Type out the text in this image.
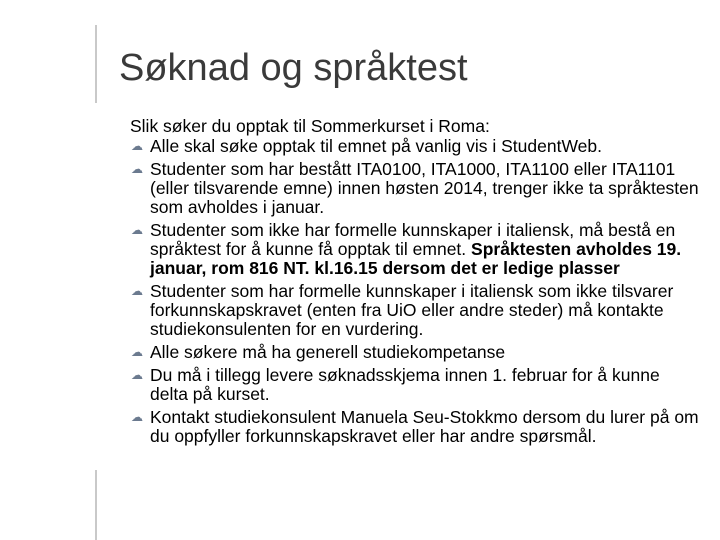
Søknad og språktest
Slik søker du opptak til Sommerkurset i Roma:
☁ Alle skal søke opptak til emnet på vanlig vis i StudentWeb.
☁ Studenter som har bestått ITA0100, ITA1000, ITA1100 eller ITA1101 (eller tilsvarende emne) innen høsten 2014, trenger ikke ta språktesten som avholdes i januar.
☁ Studenter som ikke har formelle kunnskaper i italiensk, må bestå en språktest for å kunne få opptak til emnet. Språktesten avholdes 19. januar, rom 816 NT. kl.16.15 dersom det er ledige plasser
☁ Studenter som har formelle kunnskaper i italiensk som ikke tilsvarer forkunnskapskravet (enten fra UiO eller andre steder) må kontakte studiekonsulenten for en vurdering.
☁ Alle søkere må ha generell studiekompetanse
☁ Du må i tillegg levere søknadsskjema innen 1. februar for å kunne delta på kurset.
☁ Kontakt studiekonsulent Manuela Seu-Stokkmo dersom du lurer på om du oppfyller forkunnskapskravet eller har andre spørsmål.
